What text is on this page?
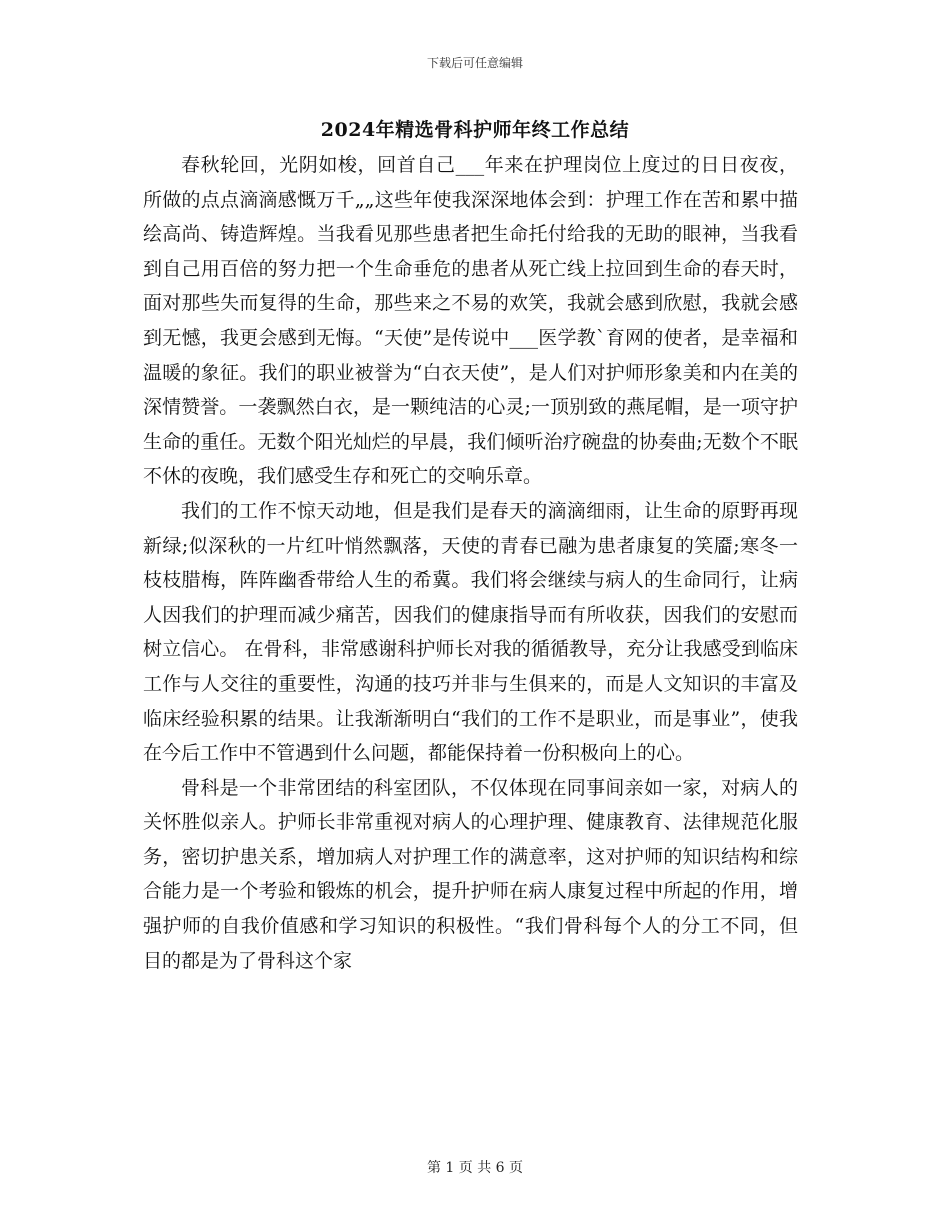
下载后可任意编辑
2024年精选骨科护师年终工作总结

春秋轮回，光阴如梭，回首自己___年来在护理岗位上度过的日日夜夜，所做的点点滴滴感慨万千„„这些年使我深深地体会到：护理工作在苦和累中描绘高尚、铸造辉煌。当我看见那些患者把生命托付给我的无助的眼神，当我看到自己用百倍的努力把一个生命垂危的患者从死亡线上拉回到生命的春天时，面对那些失而复得的生命，那些来之不易的欢笑，我就会感到欣慰，我就会感到无憾，我更会感到无悔。“天使”是传说中___医学教`育网的使者，是幸福和温暖的象征。我们的职业被誉为“白衣天使”，是人们对护师形象美和内在美的深情赞誉。一袭飘然白衣，是一颗纯洁的心灵;一顶别致的燕尾帽，是一项守护生命的重任。无数个阳光灿烂的早晨，我们倾听治疗碗盘的协奏曲;无数个不眠不休的夜晚，我们感受生存和死亡的交响乐章。

我们的工作不惊天动地，但是我们是春天的滴滴细雨，让生命的原野再现新绿;似深秋的一片红叶悄然飘落，天使的青春已融为患者康复的笑靥;寒冬一枝枝腊梅，阵阵幽香带给人生的希冀。我们将会继续与病人的生命同行，让病人因我们的护理而减少痛苦，因我们的健康指导而有所收获，因我们的安慰而树立信心。 在骨科，非常感谢科护师长对我的循循教导，充分让我感受到临床工作与人交往的重要性，沟通的技巧并非与生俱来的，而是人文知识的丰富及临床经验积累的结果。让我渐渐明白“我们的工作不是职业，而是事业”，使我在今后工作中不管遇到什么问题，都能保持着一份积极向上的心。

骨科是一个非常团结的科室团队，不仅体现在同事间亲如一家，对病人的关怀胜似亲人。护师长非常重视对病人的心理护理、健康教育、法律规范化服务，密切护患关系，增加病人对护理工作的满意率，这对护师的知识结构和综合能力是一个考验和锻炼的机会，提升护师在病人康复过程中所起的作用，增强护师的自我价值感和学习知识的积极性。“我们骨科每个人的分工不同，但目的都是为了骨科这个家

第 1 页 共 6 页
